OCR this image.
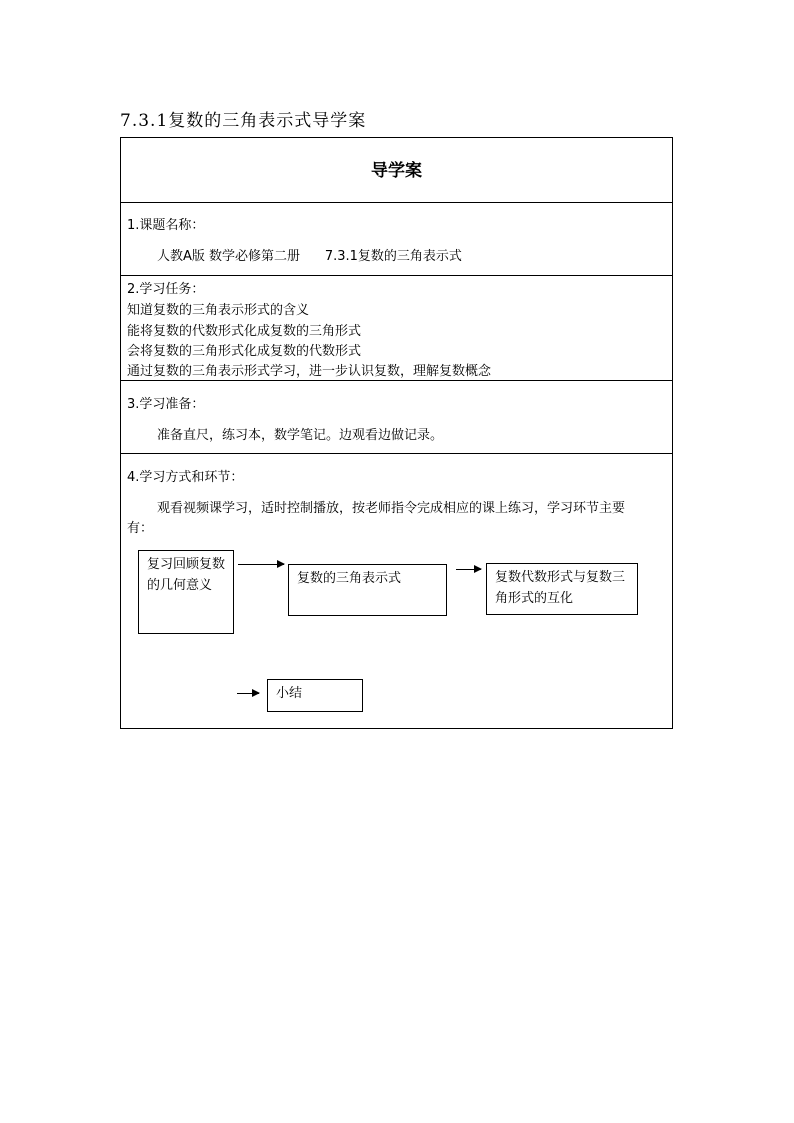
7.3.1复数的三角表示式导学案
导学案
1.课题名称：
人教A版 数学必修第二册      7.3.1复数的三角表示式
2.学习任务：
知道复数的三角表示形式的含义
能将复数的代数形式化成复数的三角形式
会将复数的三角形式化成复数的代数形式
通过复数的三角表示形式学习，进一步认识复数，理解复数概念
3.学习准备：
准备直尺，练习本，数学笔记。边观看边做记录。
4.学习方式和环节：
观看视频课学习，适时控制播放，按老师指令完成相应的课上练习，学习环节主要
有：
复习回顾复数的几何意义	复数的三角表示式	复数代数形式与复数三角形式的互化
小结
